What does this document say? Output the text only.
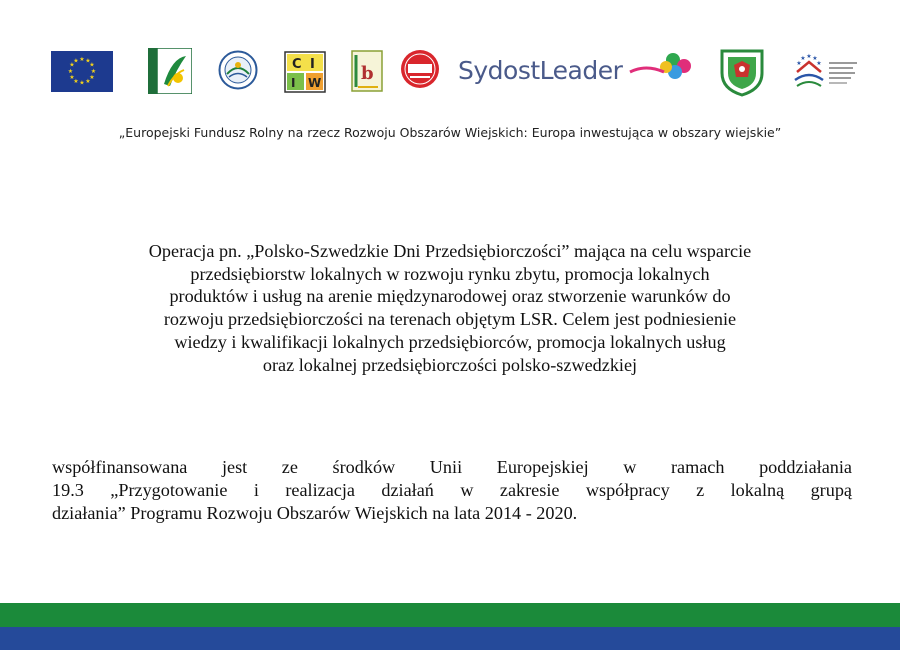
★ ★
★
★
★
★
★
★
★
★
★
★	C I
I W b	SydostLeader	★ ★
★
★
★
„Europejski Fundusz Rolny na rzecz Rozwoju Obszarów Wiejskich: Europa inwestująca w obszary wiejskie”

Operacja pn. „Polsko-Szwedzkie Dni Przedsiębiorczości” mająca na celu wsparcie

przedsiębiorstw lokalnych w rozwoju rynku zbytu, promocja lokalnych

produktów i usług na arenie międzynarodowej oraz stworzenie warunków do

rozwoju przedsiębiorczości na terenach objętym LSR. Celem jest podniesienie

wiedzy i kwalifikacji lokalnych przedsiębiorców, promocja lokalnych usług

oraz lokalnej przedsiębiorczości polsko-szwedzkiej

współfinansowana jest ze środków Unii Europejskiej w ramach poddziałania

19.3 „Przygotowanie i realizacja działań w zakresie współpracy z lokalną grupą

działania” Programu Rozwoju Obszarów Wiejskich na lata 2014 - 2020.
